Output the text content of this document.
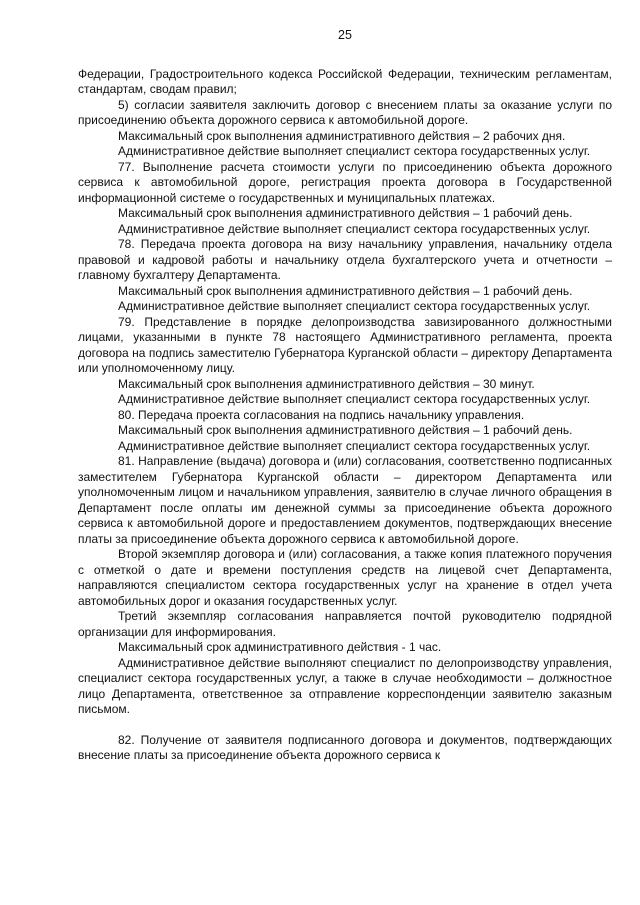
25

Федерации, Градостроительного кодекса Российской Федерации, техническим регламентам, стандартам, сводам правил;

5) согласии заявителя заключить договор с внесением платы за оказание услуги по присоединению объекта дорожного сервиса к автомобильной дороге.

Максимальный срок выполнения административного действия – 2 рабочих дня.

Административное действие выполняет специалист сектора государственных услуг.

77. Выполнение расчета стоимости услуги по присоединению объекта дорожного сервиса к автомобильной дороге, регистрация проекта договора в Государственной информационной системе о государственных и муниципальных платежах.

Максимальный срок выполнения административного действия – 1 рабочий день.

Административное действие выполняет специалист сектора государственных услуг.

78. Передача проекта договора на визу начальнику управления, начальнику отдела правовой и кадровой работы и начальнику отдела бухгалтерского учета и отчетности – главному бухгалтеру Департамента.

Максимальный срок выполнения административного действия – 1 рабочий день.

Административное действие выполняет специалист сектора государственных услуг.

79. Представление в порядке делопроизводства завизированного должностными лицами, указанными в пункте 78 настоящего Административного регламента, проекта договора на подпись заместителю Губернатора Курганской области – директору Департамента или уполномоченному лицу.

Максимальный срок выполнения административного действия – 30 минут.

Административное действие выполняет специалист сектора государственных услуг.

80. Передача проекта согласования на подпись начальнику управления.

Максимальный срок выполнения административного действия – 1 рабочий день.

Административное действие выполняет специалист сектора государственных услуг.

81. Направление (выдача) договора и (или) согласования, соответственно подписанных заместителем Губернатора Курганской области – директором Департамента или уполномоченным лицом и начальником управления, заявителю в случае личного обращения в Департамент после оплаты им денежной суммы за присоединение объекта дорожного сервиса к автомобильной дороге и предоставлением документов, подтверждающих внесение платы за присоединение объекта дорожного сервиса к автомобильной дороге.

Второй экземпляр договора и (или) согласования, а также копия платежного поручения с отметкой о дате и времени поступления средств на лицевой счет Департамента, направляются специалистом сектора государственных услуг на хранение в отдел учета автомобильных дорог и оказания государственных услуг.

Третий экземпляр согласования направляется почтой руководителю подрядной организации для информирования.

Максимальный срок административного действия - 1 час.

Административное действие выполняют специалист по делопроизводству управления, специалист сектора государственных услуг, а также в случае необходимости – должностное лицо Департамента, ответственное за отправление корреспонденции заявителю заказным письмом.

82. Получение от заявителя подписанного договора и документов, подтверждающих внесение платы за присоединение объекта дорожного сервиса к
